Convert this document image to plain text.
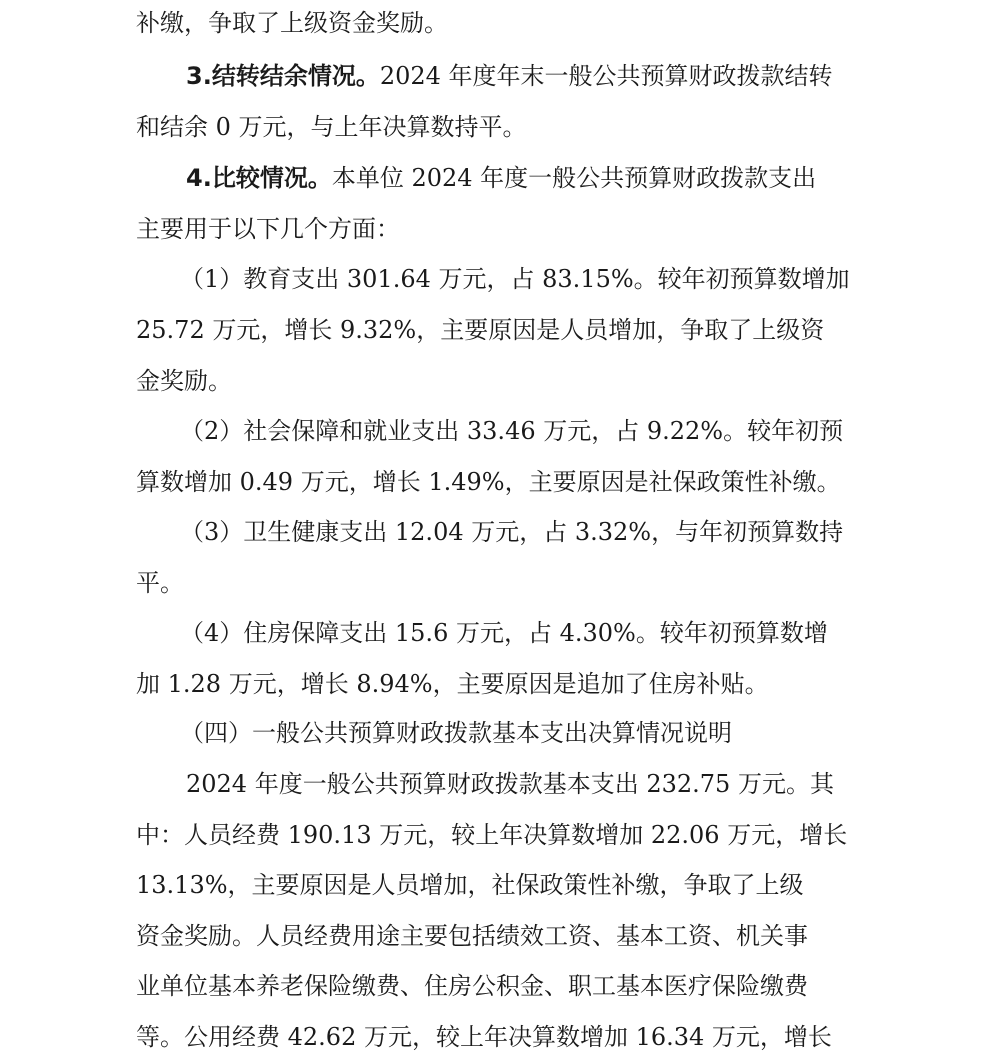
补缴，争取了上级资金奖励。
3.结转结余情况。2024 年度年末一般公共预算财政拨款结转
和结余 0 万元，与上年决算数持平。
4.比较情况。本单位 2024 年度一般公共预算财政拨款支出
主要用于以下几个方面：
（1）教育支出 301.64 万元，占 83.15%。较年初预算数增加
25.72 万元，增长 9.32%，主要原因是人员增加，争取了上级资
金奖励。
（2）社会保障和就业支出 33.46 万元，占 9.22%。较年初预
算数增加 0.49 万元，增长 1.49%，主要原因是社保政策性补缴。
（3）卫生健康支出 12.04 万元，占 3.32%，与年初预算数持
平。
（4）住房保障支出 15.6 万元，占 4.30%。较年初预算数增
加 1.28 万元，增长 8.94%，主要原因是追加了住房补贴。
（四）一般公共预算财政拨款基本支出决算情况说明
2024 年度一般公共预算财政拨款基本支出 232.75 万元。其
中：人员经费 190.13 万元，较上年决算数增加 22.06 万元，增长
13.13%，主要原因是人员增加，社保政策性补缴，争取了上级
资金奖励。人员经费用途主要包括绩效工资、基本工资、机关事
业单位基本养老保险缴费、住房公积金、职工基本医疗保险缴费
等。公用经费 42.62 万元，较上年决算数增加 16.34 万元，增长
